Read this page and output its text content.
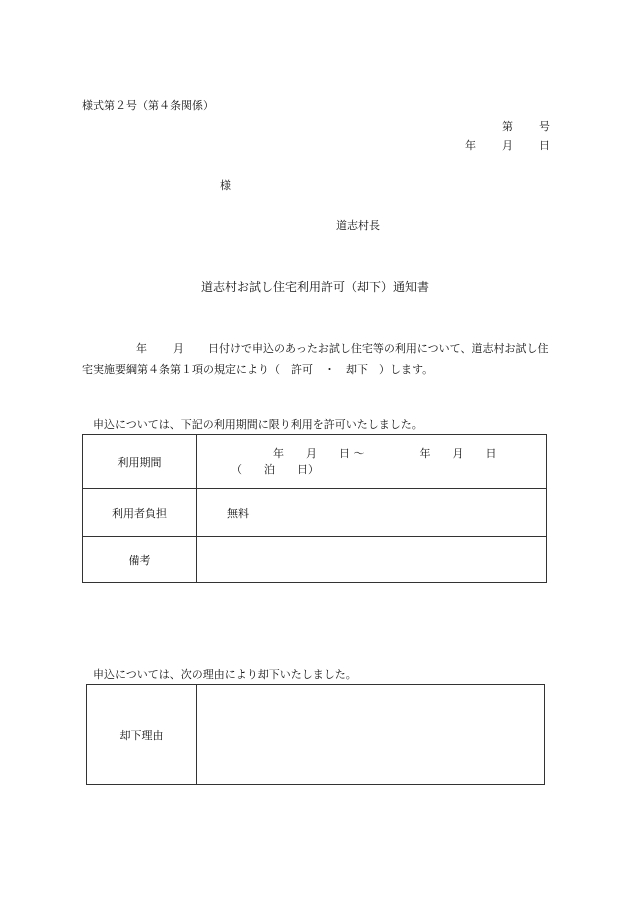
様式第２号（第４条関係）
第 号
年 月 日
様
道志村長
道志村お試し住宅利用許可（却下）通知書
年 月 日付けで申込のあったお試し住宅等の利用について、道志村お試し住宅実施要綱第４条第１項の規定により（　許可　・　却下　）します。
申込については、下記の利用期間に限り利用を許可いたしました。
利用期間	年　　月　　日 ～　　　　　年　　月　　日
（　　泊　　日）

利用者負担	無料
備考	
申込については、次の理由により却下いたしました。
却下理由	
